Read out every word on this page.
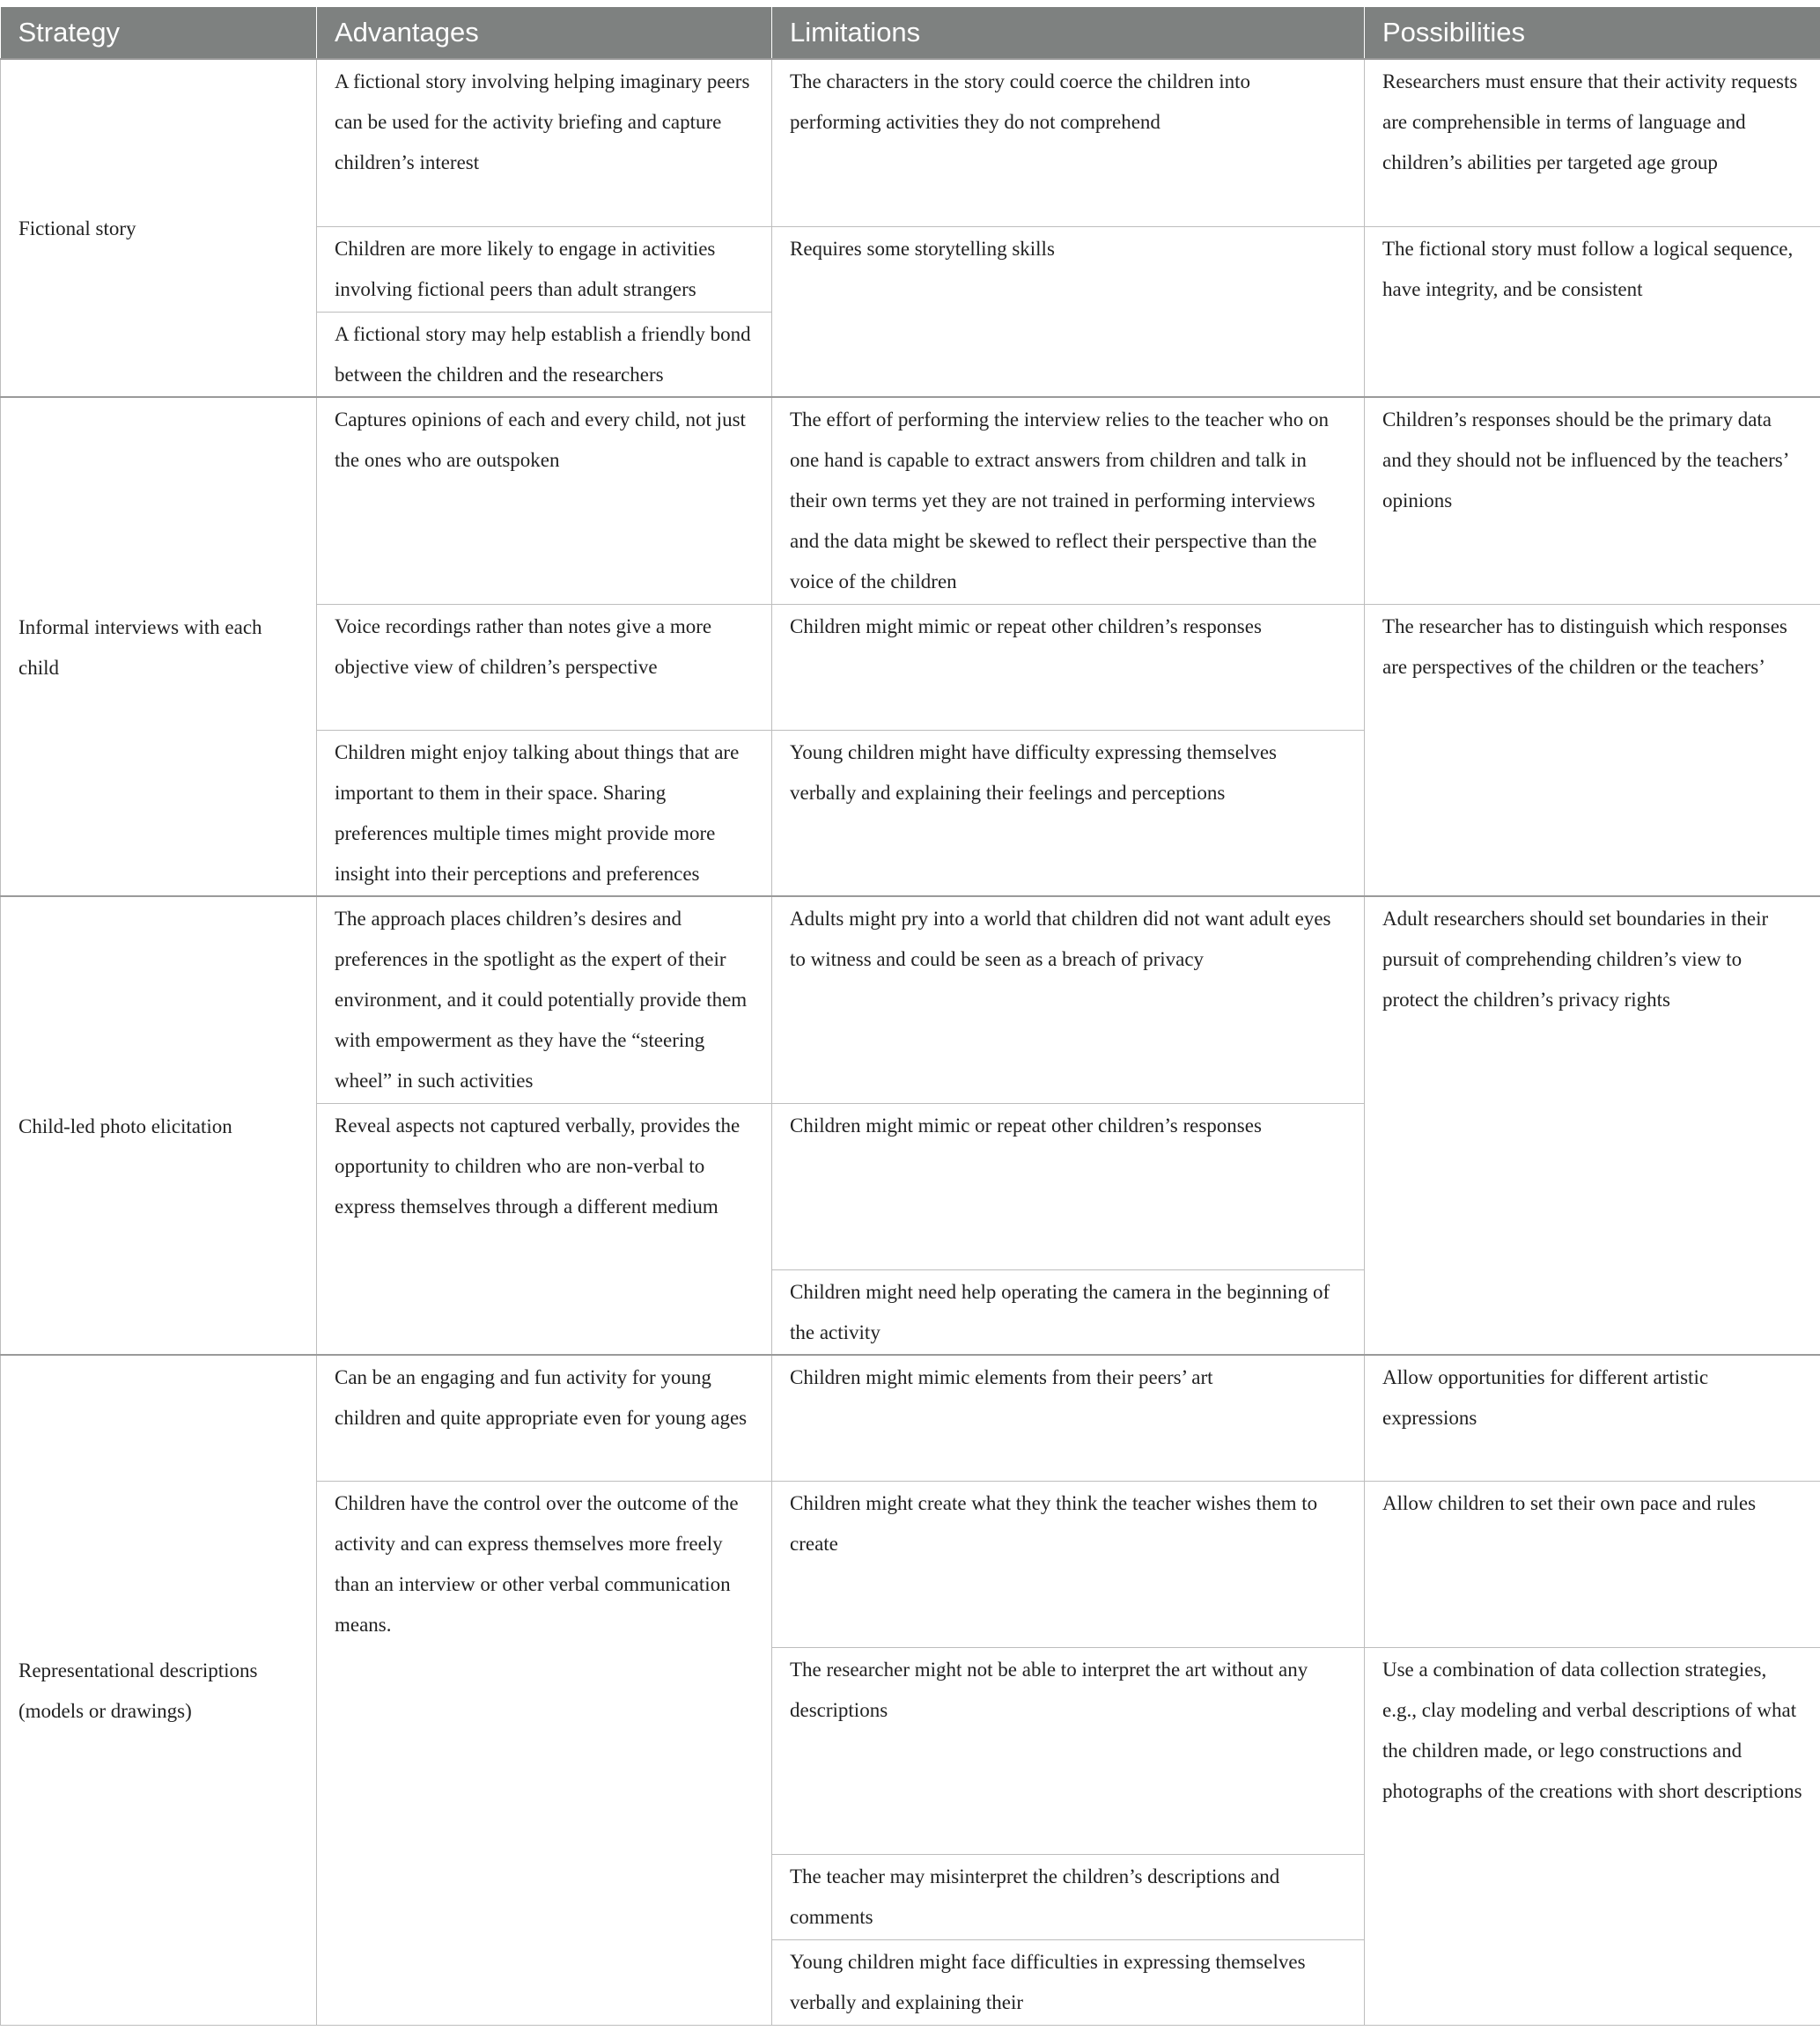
Strategy	Advantages	Limitations	Possibilities
Fictional story	A fictional story involving helping imaginary peers can be used for the activity briefing and capture children’s interest	The characters in the story could coerce the children into performing activities they do not comprehend	Researchers must ensure that their activity requests are comprehensible in terms of language and children’s abilities per targeted age group
	Children are more likely to engage in activities involving fictional peers than adult strangers	Requires some storytelling skills	The fictional story must follow a logical sequence, have integrity, and be consistent
	A fictional story may help establish a friendly bond between the children and the researchers		
Informal interviews with each child	Captures opinions of each and every child, not just the ones who are outspoken	The effort of performing the interview relies to the teacher who on one hand is capable to extract answers from children and talk in their own terms yet they are not trained in performing interviews and the data might be skewed to reflect their perspective than the voice of the children	Children’s responses should be the primary data and they should not be influenced by the teachers’ opinions
	Voice recordings rather than notes give a more objective view of children’s perspective	Children might mimic or repeat other children’s responses	The researcher has to distinguish which responses are perspectives of the children or the teachers’
	Children might enjoy talking about things that are important to them in their space. Sharing preferences multiple times might provide more insight into their perceptions and preferences	Young children might have difficulty expressing themselves verbally and explaining their feelings and perceptions	
Child-led photo elicitation	The approach places children’s desires and preferences in the spotlight as the expert of their environment, and it could potentially provide them with empowerment as they have the “steering wheel” in such activities	Adults might pry into a world that children did not want adult eyes to witness and could be seen as a breach of privacy	Adult researchers should set boundaries in their pursuit of comprehending children’s view to protect the children’s privacy rights
	Reveal aspects not captured verbally, provides the opportunity to children who are non-verbal to express themselves through a different medium	Children might mimic or repeat other children’s responses	
		Children might need help operating the camera in the beginning of the activity	
Representational descriptions (models or drawings)	Can be an engaging and fun activity for young children and quite appropriate even for young ages	Children might mimic elements from their peers’ art	Allow opportunities for different artistic expressions
	Children have the control over the outcome of the activity and can express themselves more freely than an interview or other verbal communication means.	Children might create what they think the teacher wishes them to create	Allow children to set their own pace and rules
		The researcher might not be able to interpret the art without any descriptions	Use a combination of data collection strategies, e.g., clay modeling and verbal descriptions of what the children made, or lego constructions and photographs of the creations with short descriptions
		The teacher may misinterpret the children’s descriptions and comments	
		Young children might face difficulties in expressing themselves verbally and explaining their	
